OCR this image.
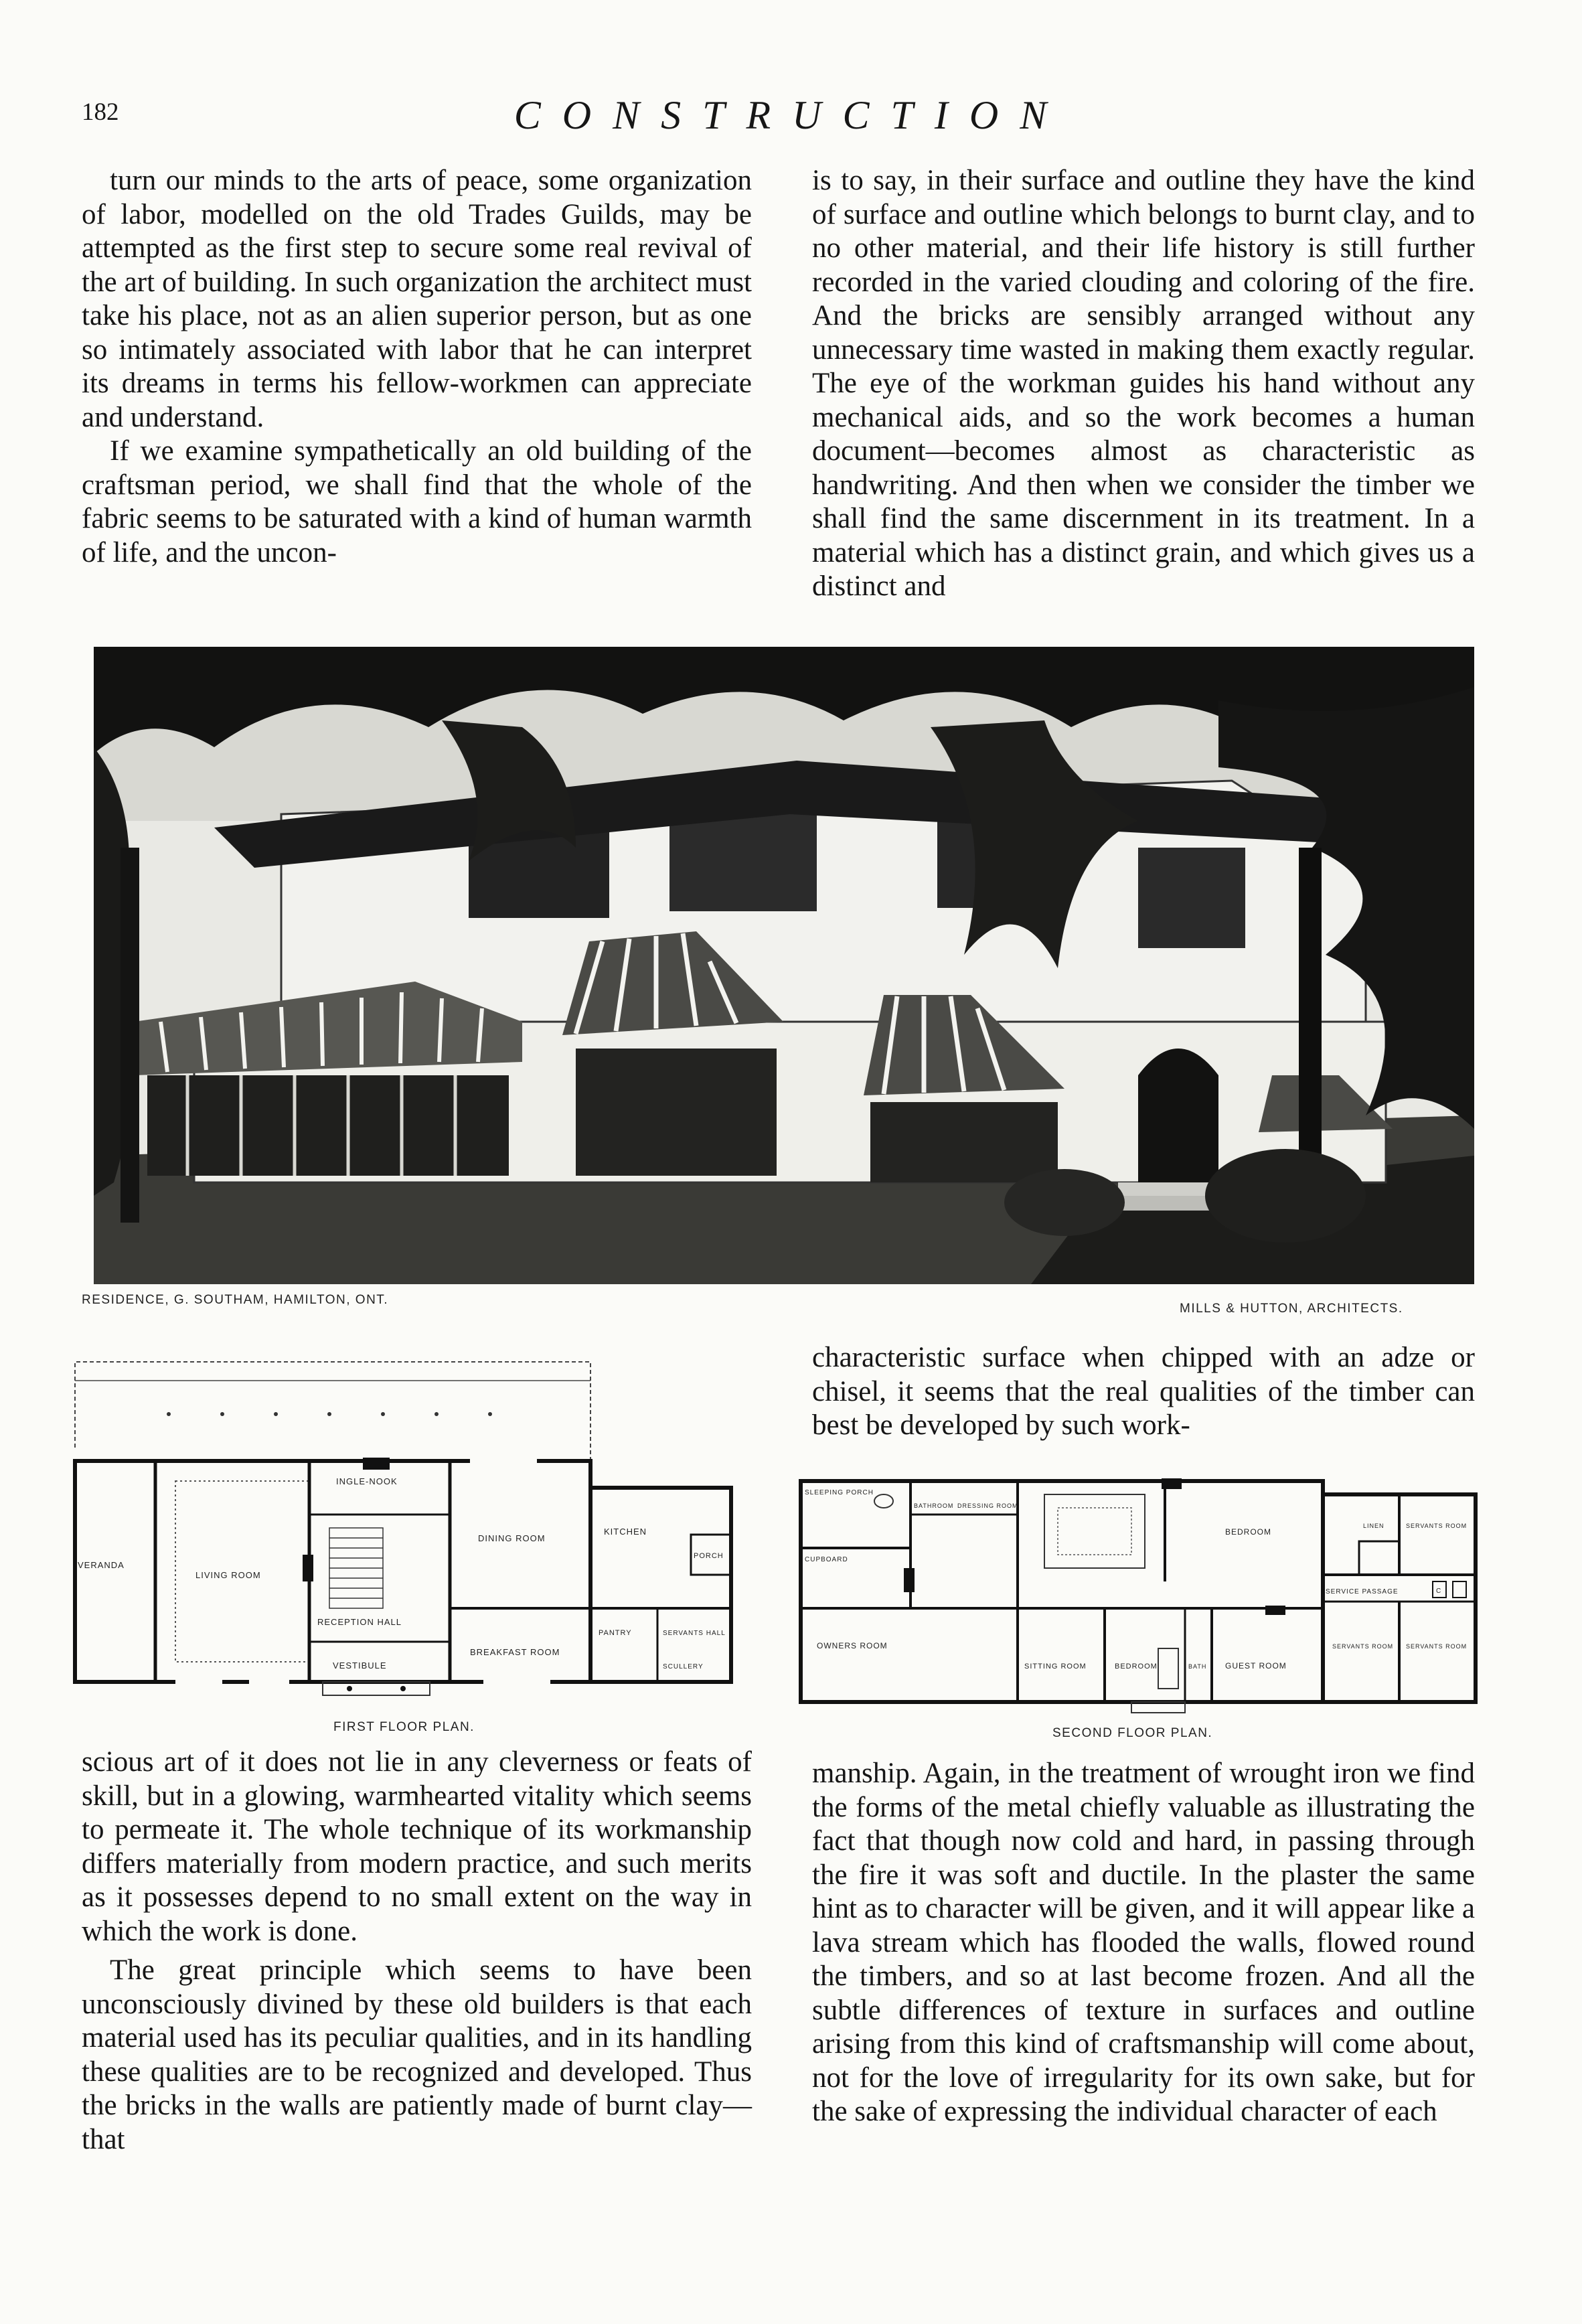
182	CONSTRUCTION

turn our minds to the arts of peace, some organization of labor, modelled on the old Trades Guilds, may be attempted as the first step to secure some real revival of the art of building. In such organization the architect must take his place, not as an alien superior person, but as one so intimately associated with labor that he can interpret its dreams in terms his fellow-workmen can appreciate and understand.

If we examine sympathetically an old building of the craftsman period, we shall find that the whole of the fabric seems to be saturated with a kind of human warmth of life, and the uncon-

is to say, in their surface and outline they have the kind of surface and outline which belongs to burnt clay, and to no other material, and their life history is still further recorded in the varied clouding and coloring of the fire. And the bricks are sensibly arranged without any unnecessary time wasted in making them exactly regular. The eye of the workman guides his hand without any mechanical aids, and so the work becomes a human document—becomes almost as characteristic as handwriting. And then when we consider the timber we shall find the same discernment in its treatment. In a material which has a distinct grain, and which gives us a distinct and

RESIDENCE, G. SOUTHAM, HAMILTON, ONT.
MILLS & HUTTON, ARCHITECTS.

characteristic surface when chipped with an adze or chisel, it seems that the real qualities of the timber can best be developed by such work-

VERANDA
LIVING ROOM
INGLE-NOOK
RECEPTION HALL
VESTIBULE
DINING ROOM
BREAKFAST ROOM
KITCHEN
PORCH
PANTRY	SERVANTS HALL
SCULLERY
FIRST FLOOR PLAN.
SLEEPING PORCH
CUPBOARD
BATHROOM DRESSING ROOM
OWNERS ROOM
SITTING ROOM	BEDROOM
BEDROOM
BATH GUEST ROOM
LINEN
SERVICE PASSAGE
SERVANTS ROOM
SERVANTS ROOM SERVANTS ROOM
C
SECOND FLOOR PLAN.

scious art of it does not lie in any cleverness or feats of skill, but in a glowing, warmhearted vitality which seems to permeate it. The whole technique of its workmanship differs materially from modern practice, and such merits as it possesses depend to no small extent on the way in which the work is done.

The great principle which seems to have been unconsciously divined by these old builders is that each material used has its peculiar qualities, and in its handling these qualities are to be recognized and developed. Thus the bricks in the walls are patiently made of burnt clay—that

manship. Again, in the treatment of wrought iron we find the forms of the metal chiefly valuable as illustrating the fact that though now cold and hard, in passing through the fire it was soft and ductile. In the plaster the same hint as to character will be given, and it will appear like a lava stream which has flooded the walls, flowed round the timbers, and so at last become frozen. And all the subtle differences of texture in surfaces and outline arising from this kind of craftsmanship will come about, not for the love of irregularity for its own sake, but for the sake of expressing the individual character of each
